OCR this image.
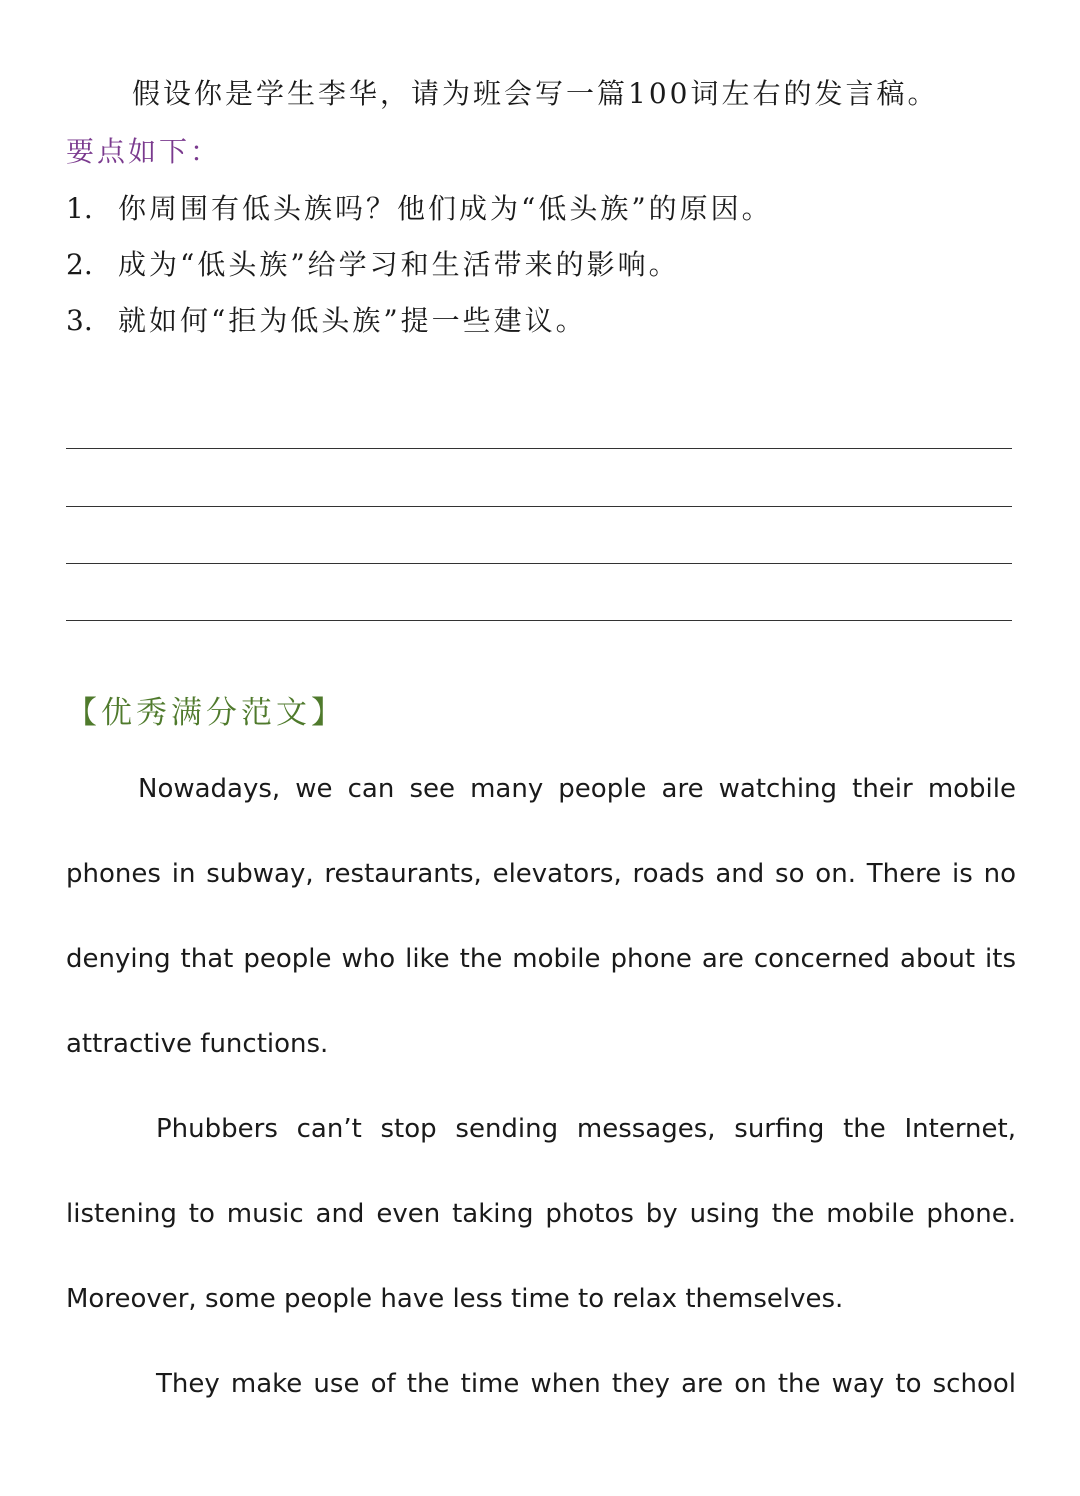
假设你是学生李华，请为班会写一篇100词左右的发言稿。
要点如下：
1. 你周围有低头族吗？他们成为“低头族”的原因。
2. 成为“低头族”给学习和生活带来的影响。
3. 就如何“拒为低头族”提一些建议。
【优秀满分范文】
Nowadays, we can see many people are watching their mobile
phones in subway, restaurants, elevators, roads and so on. There is no
denying that people who like the mobile phone are concerned about its
attractive functions.
Phubbers can’t stop sending messages, surfing the Internet,
listening to music and even taking photos by using the mobile phone.
Moreover, some people have less time to relax themselves.
They make use of the time when they are on the way to school
